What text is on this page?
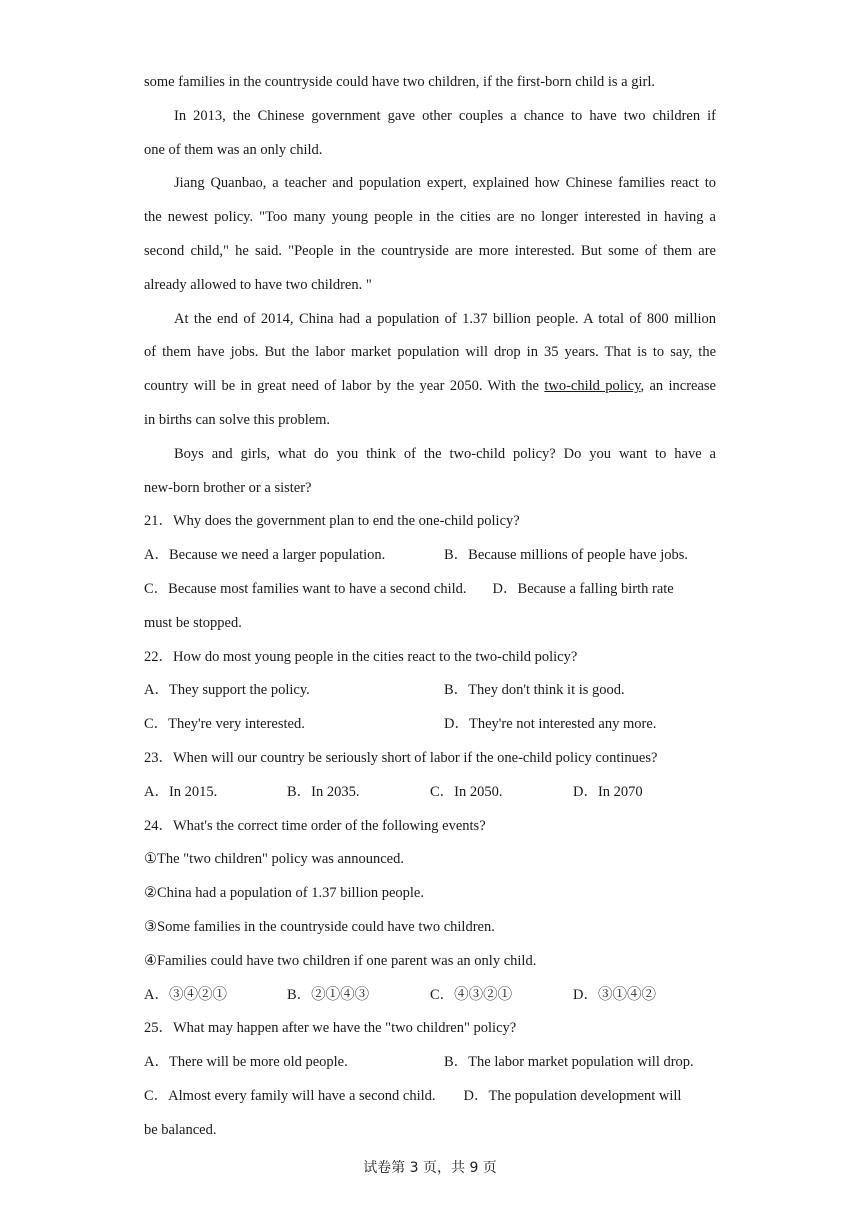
some families in the countryside could have two children, if the first-born child is a girl.
In 2013, the Chinese government gave other couples a chance to have two children if
one of them was an only child.
Jiang Quanbao, a teacher and population expert, explained how Chinese families react to
the newest policy. "Too many young people in the cities are no longer interested in having a
second child," he said. "People in the countryside are more interested. But some of them are
already allowed to have two children. "
At the end of 2014, China had a population of 1.37 billion people. A total of 800 million
of them have jobs. But the labor market population will drop in 35 years. That is to say, the
country will be in great need of labor by the year 2050. With the two-child policy, an increase
in births can solve this problem.
Boys and girls, what do you think of the two-child policy? Do you want to have a
new-born brother or a sister?
21．Why does the government plan to end the one-child policy?
A．Because we need a larger population.	B．Because millions of people have jobs.
C．Because most families want to have a second child. D．Because a falling birth rate
must be stopped.
22．How do most young people in the cities react to the two-child policy?
A．They support the policy.	B．They don't think it is good.
C．They're very interested.	D．They're not interested any more.
23．When will our country be seriously short of labor if the one-child policy continues?
A．In 2015.	B．In 2035.	C．In 2050.	D．In 2070
24．What's the correct time order of the following events?
①The "two children" policy was announced.
②China had a population of 1.37 billion people.
③Some families in the countryside could have two children.
④Families could have two children if one parent was an only child.
A．③④②①	B．②①④③	C．④③②①	D．③①④②
25．What may happen after we have the "two children" policy?
A．There will be more old people.	B．The labor market population will drop.
C．Almost every family will have a second child. D．The population development will
be balanced.
试卷第 3 页，共 9 页
